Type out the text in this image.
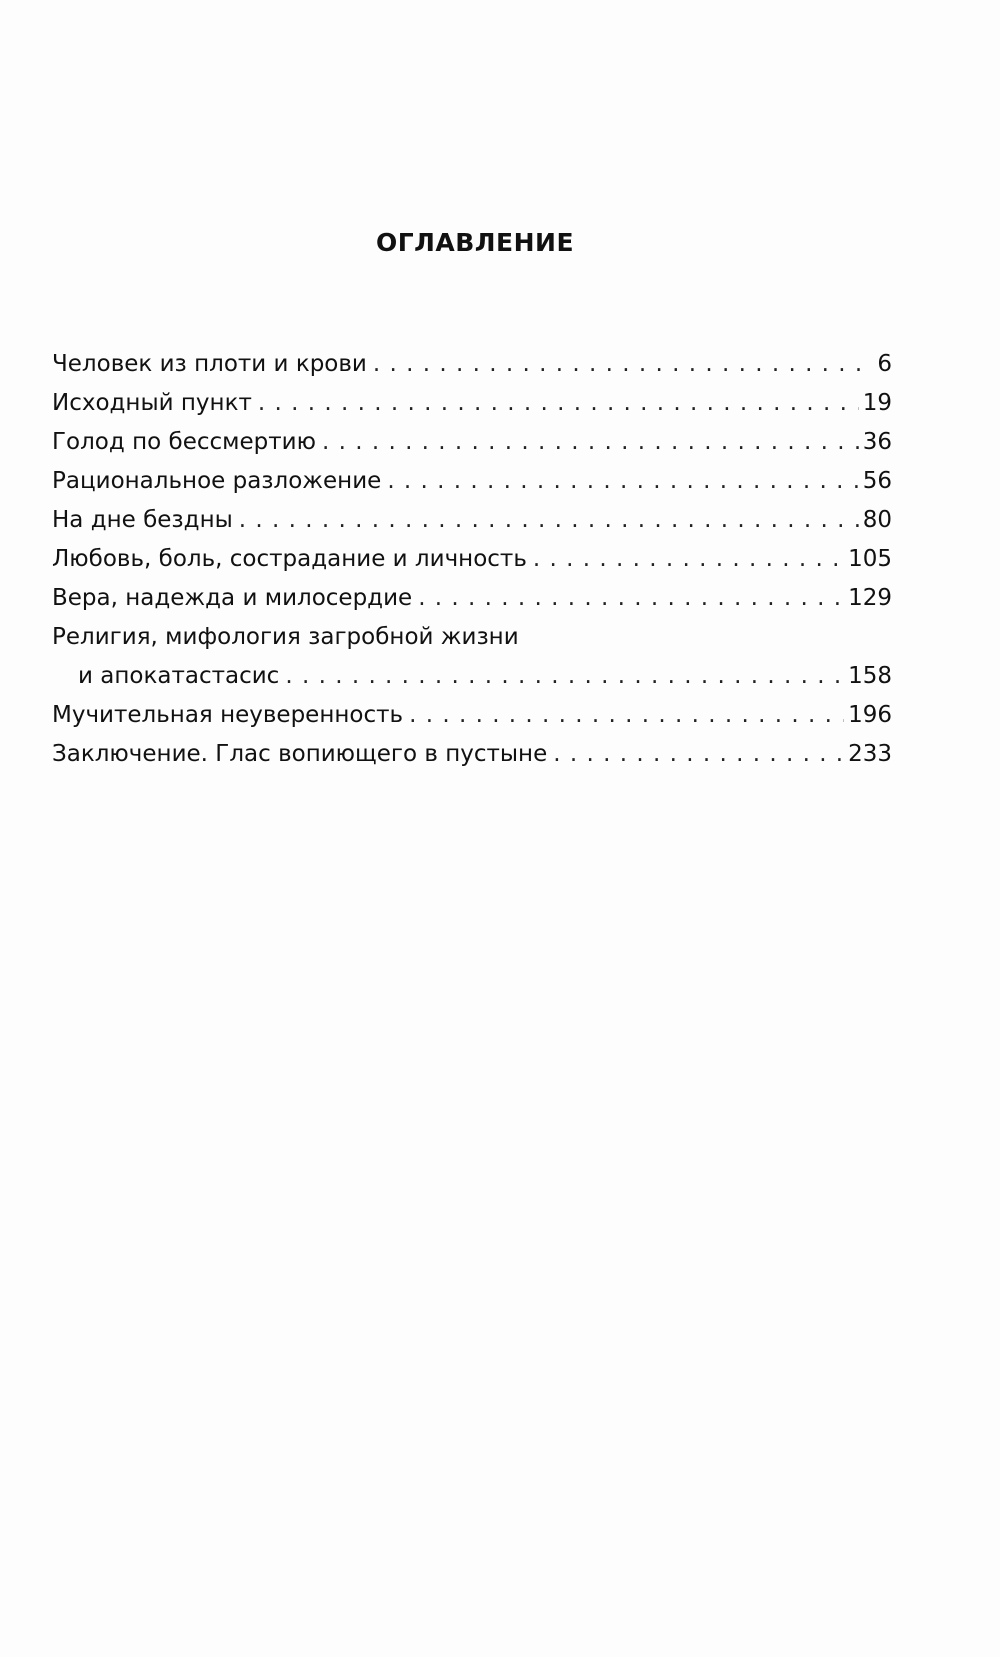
ОГЛАВЛЕНИЕ
Человек из плоти и крови . . .	6
Исходный пункт . . .	19
Голод по бессмертию . . .	36
Рациональное разложение . . .	56
На дне бездны . . .	80
Любовь, боль, сострадание и личность . . .	105
Вера, надежда и милосердие . . .	129
Религия, мифология загробной жизни
и апокатастасис . . .	158
Мучительная неуверенность . . .	196
Заключение. Глас вопиющего в пустыне . . .	233
